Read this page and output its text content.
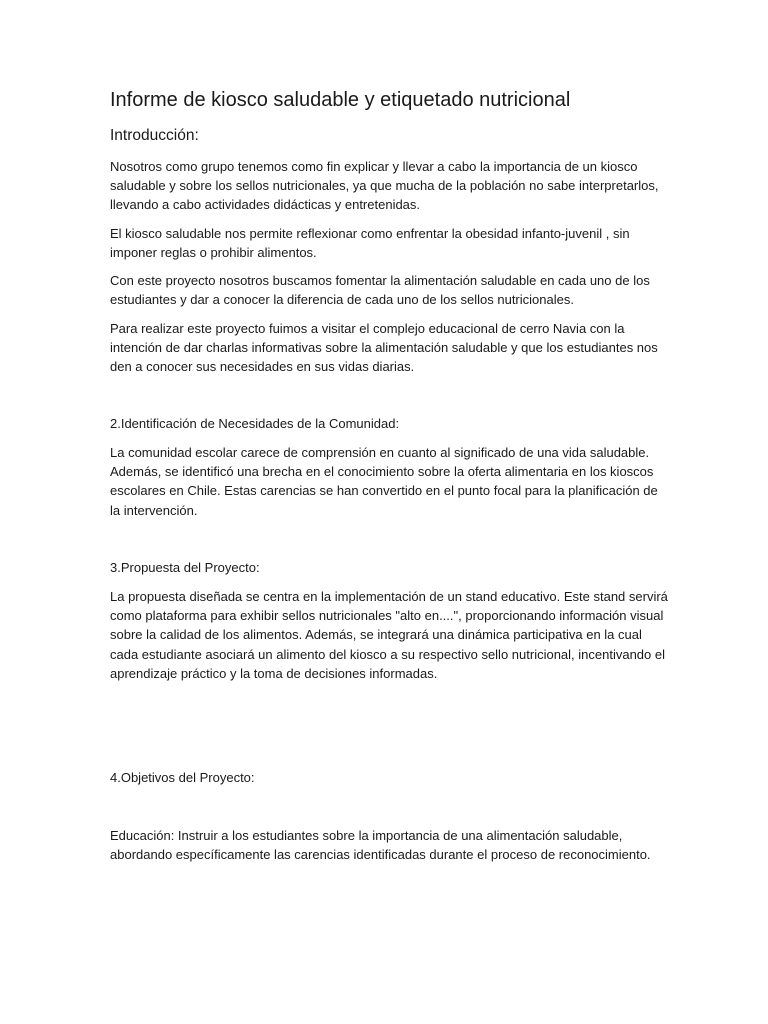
Informe de kiosco saludable y etiquetado nutricional
Introducción:

Nosotros como grupo tenemos como fin explicar y llevar a cabo la importancia de un kiosco saludable y sobre los sellos nutricionales, ya que mucha de la población no sabe interpretarlos, llevando a cabo actividades didácticas y entretenidas.

El kiosco saludable nos permite reflexionar como enfrentar la obesidad infanto-juvenil , sin imponer reglas o prohibir alimentos.

Con este proyecto nosotros buscamos fomentar la alimentación saludable en cada uno de los estudiantes y dar a conocer la diferencia de cada uno de los sellos nutricionales.

Para realizar este proyecto fuimos a visitar el complejo educacional de cerro Navia con la intención de dar charlas informativas sobre la alimentación saludable y que los estudiantes nos den a conocer sus necesidades en sus vidas diarias.

2.Identificación de Necesidades de la Comunidad:

La comunidad escolar carece de comprensión en cuanto al significado de una vida saludable. Además, se identificó una brecha en el conocimiento sobre la oferta alimentaria en los kioscos escolares en Chile. Estas carencias se han convertido en el punto focal para la planificación de la intervención.

3.Propuesta del Proyecto:

La propuesta diseñada se centra en la implementación de un stand educativo. Este stand servirá como plataforma para exhibir sellos nutricionales "alto en....", proporcionando información visual sobre la calidad de los alimentos. Además, se integrará una dinámica participativa en la cual cada estudiante asociará un alimento del kiosco a su respectivo sello nutricional, incentivando el aprendizaje práctico y la toma de decisiones informadas.

4.Objetivos del Proyecto:

Educación: Instruir a los estudiantes sobre la importancia de una alimentación saludable, abordando específicamente las carencias identificadas durante el proceso de reconocimiento.
